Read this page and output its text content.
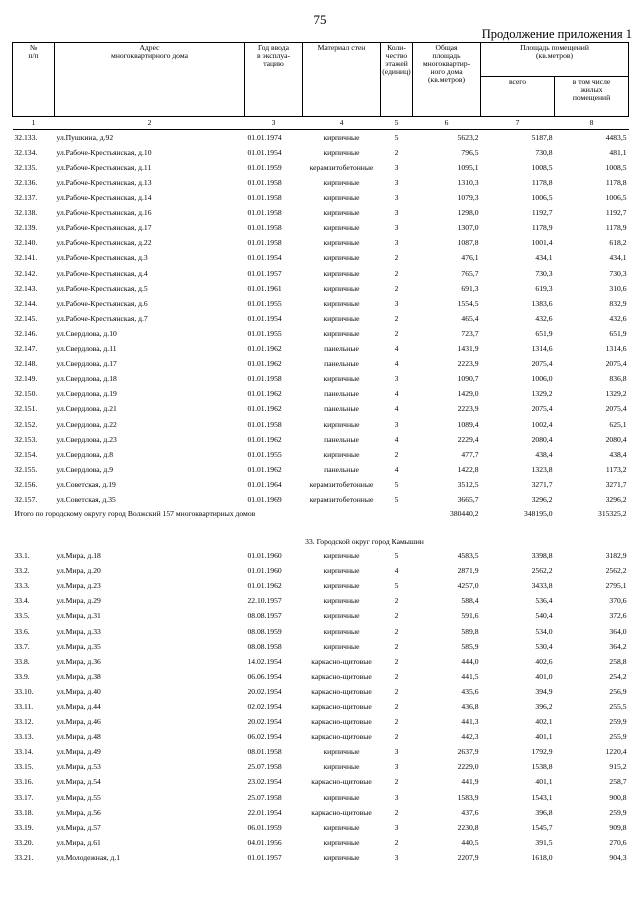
75
Продолжение приложения 1
№
п/п	Адрес
многоквартирного дома	Год ввода
в эксплуа-
тацию	Материал стен	Коли-
чество
этажей
(единиц)	Общая
площадь
многоквартир-
ного дома
(кв.метров)	Площадь помещений
(кв.метров)	
						всего	в том числе
жилых
помещений
1	2	3	4	5	6	7	8
32.133.	ул.Пушкина, д.92	01.01.1974	кирпичные	5	5623,2	5187,8	4483,5
32.134.	ул.Рабоче-Крестьянская, д.10	01.01.1954	кирпичные	2	796,5	730,8	481,1
32.135.	ул.Рабоче-Крестьянская, д.11	01.01.1959	керамзитобетонные	3	1095,1	1008,5	1008,5
32.136.	ул.Рабоче-Крестьянская, д.13	01.01.1958	кирпичные	3	1310,3	1178,8	1178,8
32.137.	ул.Рабоче-Крестьянская, д.14	01.01.1958	кирпичные	3	1079,3	1006,5	1006,5
32.138.	ул.Рабоче-Крестьянская, д.16	01.01.1958	кирпичные	3	1298,0	1192,7	1192,7
32.139.	ул.Рабоче-Крестьянская, д.17	01.01.1958	кирпичные	3	1307,0	1178,9	1178,9
32.140.	ул.Рабоче-Крестьянская, д.22	01.01.1958	кирпичные	3	1087,8	1001,4	618,2
32.141.	ул.Рабоче-Крестьянская, д.3	01.01.1954	кирпичные	2	476,1	434,1	434,1
32.142.	ул.Рабоче-Крестьянская, д.4	01.01.1957	кирпичные	2	765,7	730,3	730,3
32.143.	ул.Рабоче-Крестьянская, д.5	01.01.1961	кирпичные	2	691,3	619,3	310,6
32.144.	ул.Рабоче-Крестьянская, д.6	01.01.1955	кирпичные	3	1554,5	1383,6	832,9
32.145.	ул.Рабоче-Крестьянская, д.7	01.01.1954	кирпичные	2	465,4	432,6	432,6
32.146.	ул.Свердлова, д.10	01.01.1955	кирпичные	2	723,7	651,9	651,9
32.147.	ул.Свердлова, д.11	01.01.1962	панельные	4	1431,9	1314,6	1314,6
32.148.	ул.Свердлова, д.17	01.01.1962	панельные	4	2223,9	2075,4	2075,4
32.149.	ул.Свердлова, д.18	01.01.1958	кирпичные	3	1090,7	1006,0	836,8
32.150.	ул.Свердлова, д.19	01.01.1962	панельные	4	1429,0	1329,2	1329,2
32.151.	ул.Свердлова, д.21	01.01.1962	панельные	4	2223,9	2075,4	2075,4
32.152.	ул.Свердлова, д.22	01.01.1958	кирпичные	3	1089,4	1002,4	625,1
32.153.	ул.Свердлова, д.23	01.01.1962	панельные	4	2229,4	2080,4	2080,4
32.154.	ул.Свердлова, д.8	01.01.1955	кирпичные	2	477,7	438,4	438,4
32.155.	ул.Свердлова, д.9	01.01.1962	панельные	4	1422,8	1323,8	1173,2
32.156.	ул.Советская, д.19	01.01.1964	керамзитобетонные	5	3512,5	3271,7	3271,7
32.157.	ул.Советская, д.35	01.01.1969	керамзитобетонные	5	3665,7	3296,2	3296,2
Итого по городскому округу город Волжский 157 многоквартирных домов					380440,2	348195,0	315325,2
33. Городской округ город Камышин							
33.1.	ул.Мира, д.18	01.01.1960	кирпичные	5	4583,5	3398,8	3182,9
33.2.	ул.Мира, д.20	01.01.1960	кирпичные	4	2871,9	2562,2	2562,2
33.3.	ул.Мира, д.23	01.01.1962	кирпичные	5	4257,0	3433,8	2795,1
33.4.	ул.Мира, д.29	22.10.1957	кирпичные	2	588,4	536,4	370,6
33.5.	ул.Мира, д.31	08.08.1957	кирпичные	2	591,6	540,4	372,6
33.6.	ул.Мира, д.33	08.08.1959	кирпичные	2	589,8	534,0	364,0
33.7.	ул.Мира, д.35	08.08.1958	кирпичные	2	585,9	530,4	364,2
33.8.	ул.Мира, д.36	14.02.1954	каркасно-щитовые	2	444,0	402,6	258,8
33.9.	ул.Мира, д.38	06.06.1954	каркасно-щитовые	2	441,5	401,0	254,2
33.10.	ул.Мира, д.40	20.02.1954	каркасно-щитовые	2	435,6	394,9	256,9
33.11.	ул.Мира, д.44	02.02.1954	каркасно-щитовые	2	436,8	396,2	255,5
33.12.	ул.Мира, д.46	20.02.1954	каркасно-щитовые	2	441,3	402,1	259,9
33.13.	ул.Мира, д.48	06.02.1954	каркасно-щитовые	2	442,3	401,1	255,9
33.14.	ул.Мира, д.49	08.01.1958	кирпичные	3	2637,9	1792,9	1220,4
33.15.	ул.Мира, д.53	25.07.1958	кирпичные	3	2229,0	1538,8	915,2
33.16.	ул.Мира, д.54	23.02.1954	каркасно-щитовые	2	441,9	401,1	258,7
33.17.	ул.Мира, д.55	25.07.1958	кирпичные	3	1583,9	1543,1	900,8
33.18.	ул.Мира, д.56	22.01.1954	каркасно-щитовые	2	437,6	396,8	259,9
33.19.	ул.Мира, д.57	06.01.1959	кирпичные	3	2230,8	1545,7	909,8
33.20.	ул.Мира, д.61	04.01.1956	кирпичные	2	440,5	391,5	270,6
33.21.	ул.Молодежная, д.1	01.01.1957	кирпичные	3	2207,9	1618,0	904,3
